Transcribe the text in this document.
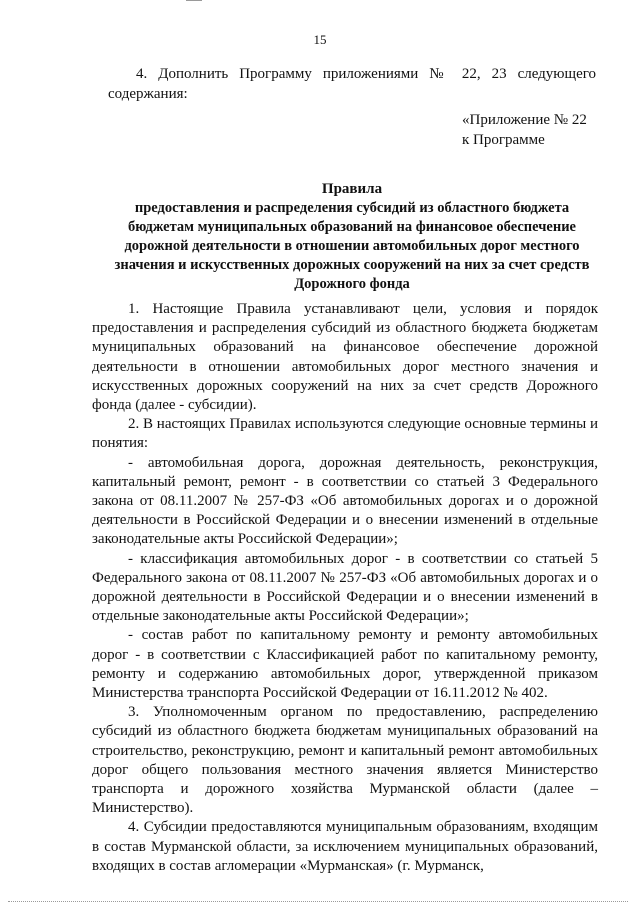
15

4. Дополнить Программу приложениями № 22, 23 следующего

содержания:

«Приложение № 22
к Программе
Правила
предоставления и распределения субсидий из областного бюджета бюджетам муниципальных образований на финансовое обеспечение дорожной деятельности в отношении автомобильных дорог местного значения и искусственных дорожных сооружений на них за счет средств Дорожного фонда

1. Настоящие Правила устанавливают цели, условия и порядок предоставления и распределения субсидий из областного бюджета бюджетам муниципальных образований на финансовое обеспечение дорожной деятельности в отношении автомобильных дорог местного значения и искусственных дорожных сооружений на них за счет средств Дорожного фонда (далее - субсидии).

2. В настоящих Правилах используются следующие основные термины и понятия:

- автомобильная дорога, дорожная деятельность, реконструкция, капитальный ремонт, ремонт - в соответствии со статьей 3 Федерального закона от 08.11.2007 № 257-ФЗ «Об автомобильных дорогах и о дорожной деятельности в Российской Федерации и о внесении изменений в отдельные законодательные акты Российской Федерации»;

- классификация автомобильных дорог - в соответствии со статьей 5 Федерального закона от 08.11.2007 № 257-ФЗ «Об автомобильных дорогах и о дорожной деятельности в Российской Федерации и о внесении изменений в отдельные законодательные акты Российской Федерации»;

- состав работ по капитальному ремонту и ремонту автомобильных дорог - в соответствии с Классификацией работ по капитальному ремонту, ремонту и содержанию автомобильных дорог, утвержденной приказом Министерства транспорта Российской Федерации от 16.11.2012 № 402.

3. Уполномоченным органом по предоставлению, распределению субсидий из областного бюджета бюджетам муниципальных образований на строительство, реконструкцию, ремонт и капитальный ремонт автомобильных дорог общего пользования местного значения является Министерство транспорта и дорожного хозяйства Мурманской области (далее – Министерство).

4. Субсидии предоставляются муниципальным образованиям, входящим в состав Мурманской области, за исключением муниципальных образований, входящих в состав агломерации «Мурманская» (г. Мурманск,
